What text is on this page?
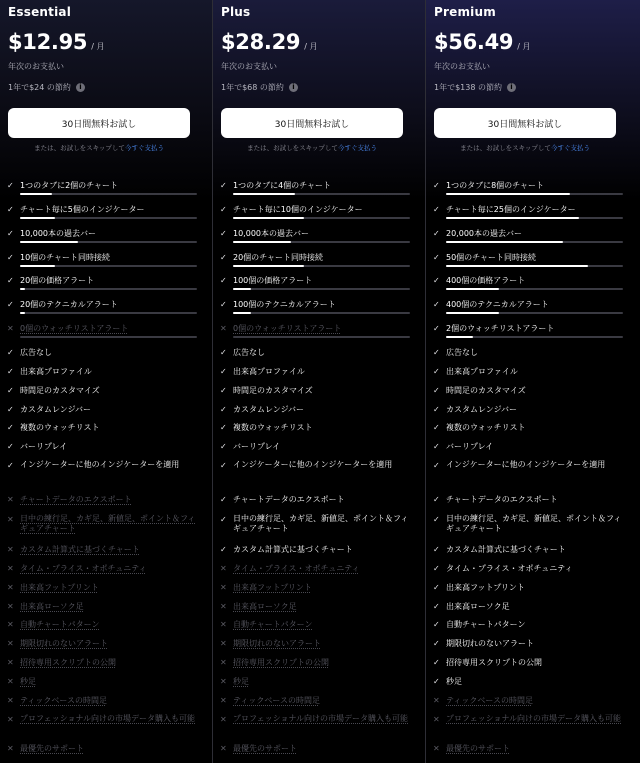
Essential
$12.95 / 月
年次のお支払い
1年で$24 の節約	i
30日間無料お試し
または、お試しをスキップして今すぐ支払う
✓ 1つのタブに2個のチャート
✓ チャート毎に5個のインジケーター
✓ 10,000本の過去バー
✓ 10個のチャート同時接続
✓ 20個の価格アラート
✓ 20個のテクニカルアラート
✕ 0個のウォッチリストアラート
✓ 広告なし
✓ 出来高プロファイル
✓ 時間足のカスタマイズ
✓ カスタムレンジバー
✓ 複数のウォッチリスト
✓ バーリプレイ
✓ インジケーターに他のインジケーターを適用
✕ チャートデータのエクスポート
✕ 日中の練行足、カギ足、新値足、ポイント＆フィギュアチャート
✕ カスタム計算式に基づくチャート
✕ タイム・プライス・オポチュニティ
✕ 出来高フットプリント
✕ 出来高ローソク足
✕ 自動チャートパターン
✕ 期限切れのないアラート
✕ 招待専用スクリプトの公開
✕ 秒足
✕ ティックベースの時間足
✕ プロフェッショナル向けの市場データ購入も可能
✕ 最優先のサポート
Plus
$28.29 / 月
年次のお支払い
1年で$68 の節約	i
30日間無料お試し
または、お試しをスキップして今すぐ支払う
✓ 1つのタブに4個のチャート
✓ チャート毎に10個のインジケーター
✓ 10,000本の過去バー
✓ 20個のチャート同時接続
✓ 100個の価格アラート
✓ 100個のテクニカルアラート
✕ 0個のウォッチリストアラート
✓ 広告なし
✓ 出来高プロファイル
✓ 時間足のカスタマイズ
✓ カスタムレンジバー
✓ 複数のウォッチリスト
✓ バーリプレイ
✓ インジケーターに他のインジケーターを適用
✓ チャートデータのエクスポート
✓ 日中の練行足、カギ足、新値足、ポイント＆フィギュアチャート
✓ カスタム計算式に基づくチャート
✕ タイム・プライス・オポチュニティ
✕ 出来高フットプリント
✕ 出来高ローソク足
✕ 自動チャートパターン
✕ 期限切れのないアラート
✕ 招待専用スクリプトの公開
✕ 秒足
✕ ティックベースの時間足
✕ プロフェッショナル向けの市場データ購入も可能
✕ 最優先のサポート
Premium
$56.49 / 月
年次のお支払い
1年で$138 の節約	i
30日間無料お試し
または、お試しをスキップして今すぐ支払う
✓ 1つのタブに8個のチャート
✓ チャート毎に25個のインジケーター
✓ 20,000本の過去バー
✓ 50個のチャート同時接続
✓ 400個の価格アラート
✓ 400個のテクニカルアラート
✓ 2個のウォッチリストアラート
✓ 広告なし
✓ 出来高プロファイル
✓ 時間足のカスタマイズ
✓ カスタムレンジバー
✓ 複数のウォッチリスト
✓ バーリプレイ
✓ インジケーターに他のインジケーターを適用
✓ チャートデータのエクスポート
✓ 日中の練行足、カギ足、新値足、ポイント＆フィギュアチャート
✓ カスタム計算式に基づくチャート
✓ タイム・プライス・オポチュニティ
✓ 出来高フットプリント
✓ 出来高ローソク足
✓ 自動チャートパターン
✓ 期限切れのないアラート
✓ 招待専用スクリプトの公開
✓ 秒足
✕ ティックベースの時間足
✕ プロフェッショナル向けの市場データ購入も可能
✕ 最優先のサポート
